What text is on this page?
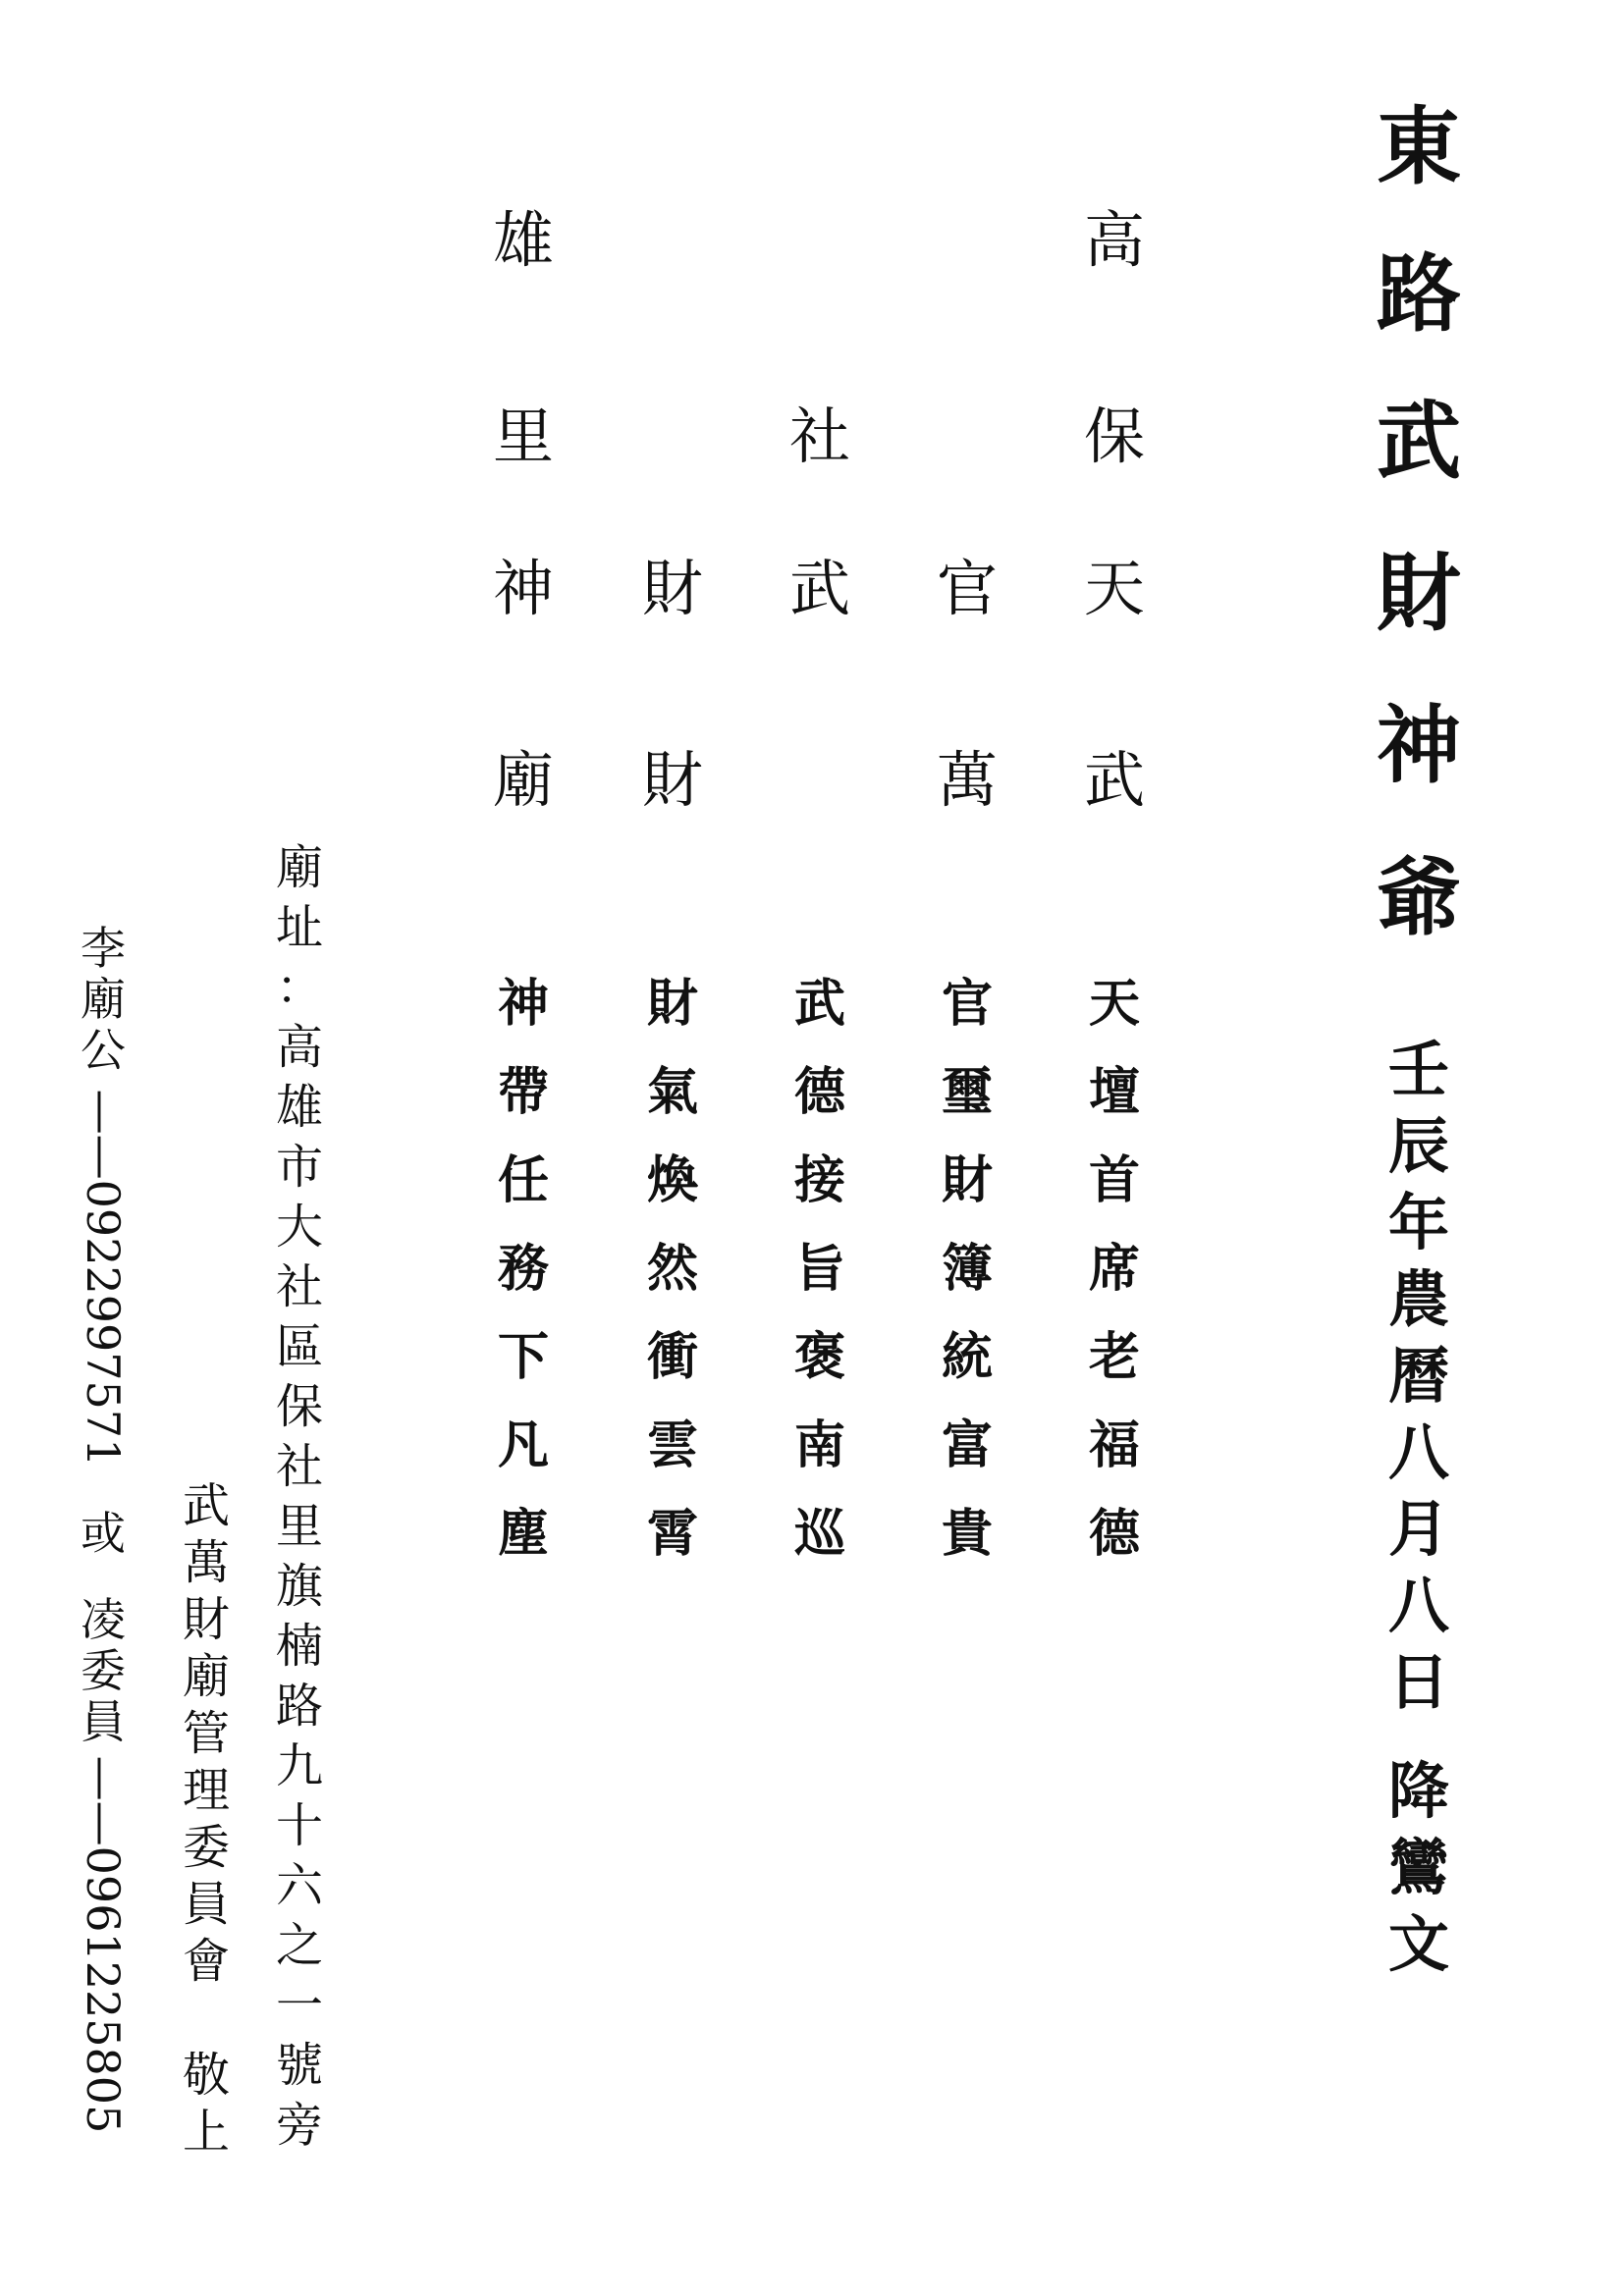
東
路
武
財
神
爺
壬
辰
年
農
曆
八
月
八
日
降
鸞
文
高
保
天
武
官
萬
社
武
財
財
雄
里
神
廟
天
壇
首
席
老
福
德
官
璽
財
簿
統
富
貴
武
德
接
旨
褒
南
巡
財
氣
煥
然
衝
雲
霄
神
帶
任
務
下
凡
塵
廟
址
：
高
雄
市
大
社
區
保
社
里
旗
楠
路
九
十
六
之
一
號
旁
武
萬
財
廟
管
理
委
員
會
敬
上
李
廟
公
——0922997571
或
凌
委
員
——0961225805
